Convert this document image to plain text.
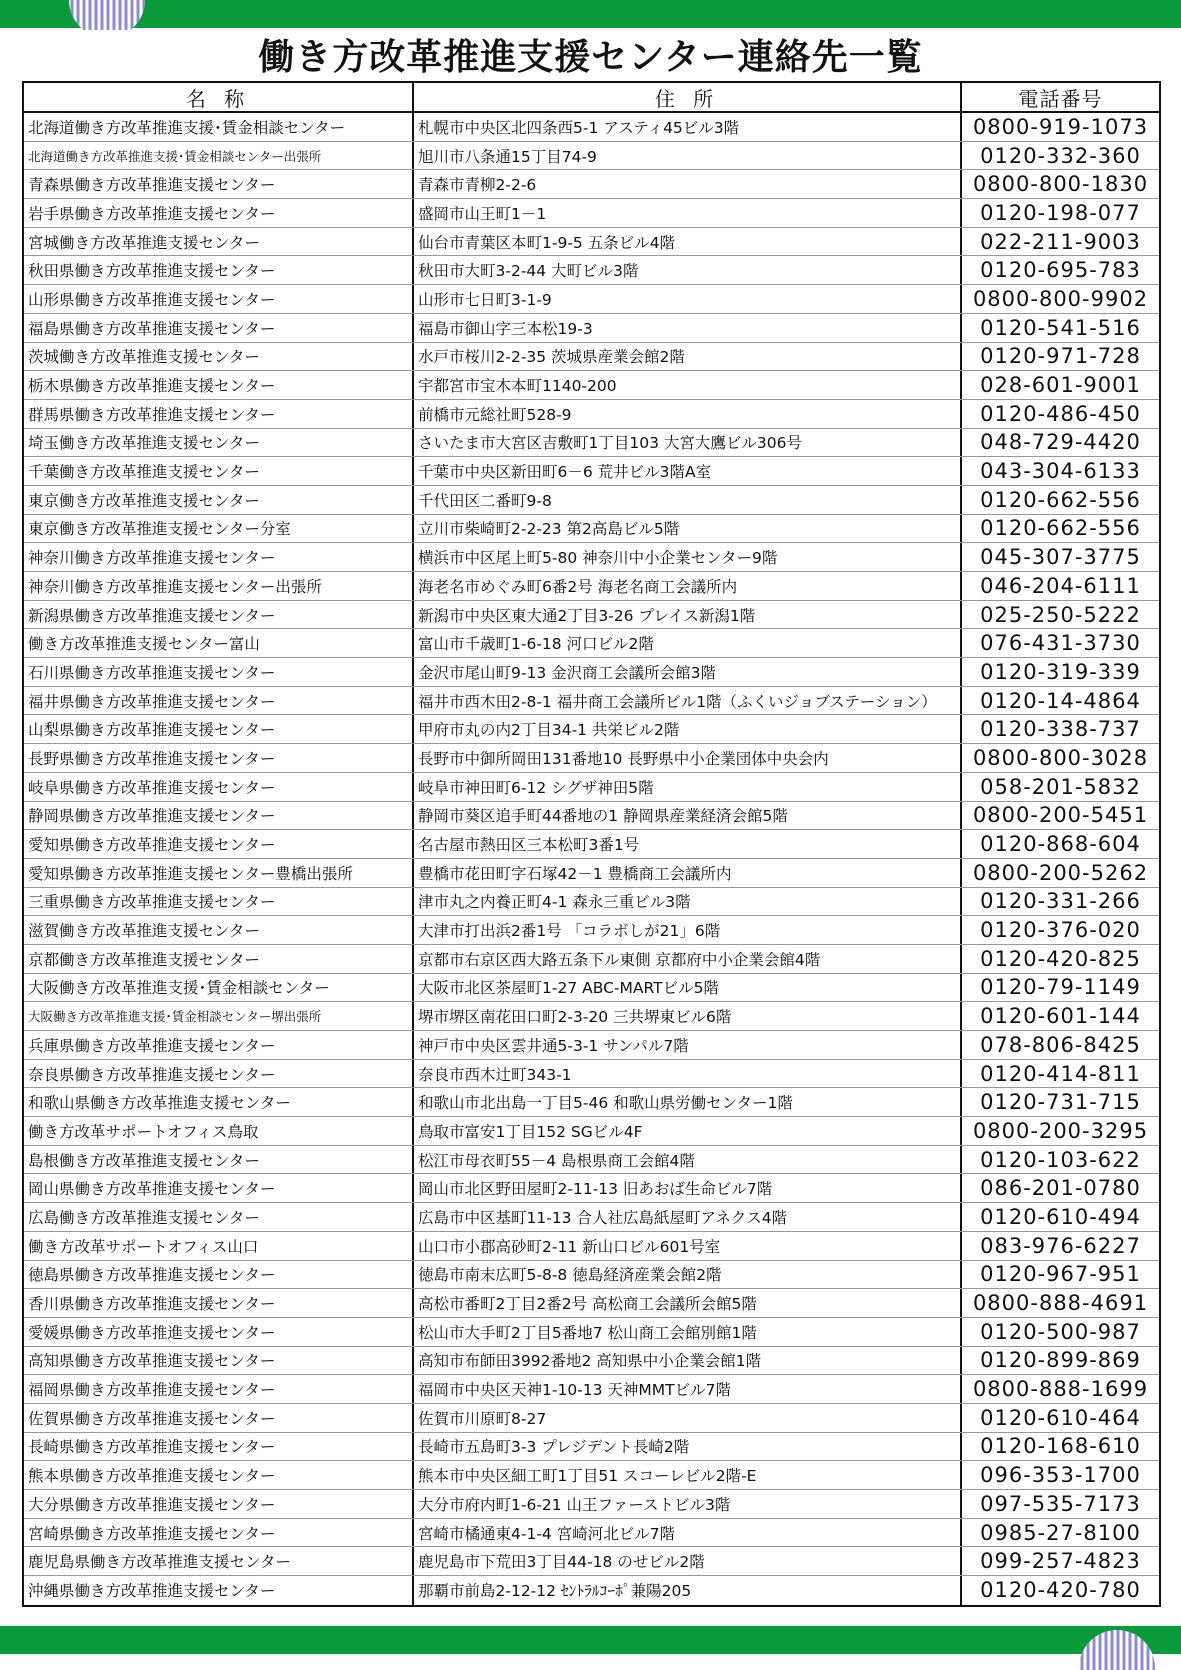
働き方改革推進支援センター連絡先一覧
名 称	住 所	電話番号
北海道働き方改革推進支援･賃金相談センター	札幌市中央区北四条西5-1 アスティ45ビル3階	0800-919-1073
北海道働き方改革推進支援･賃金相談センター出張所	旭川市八条通15丁目74-9	0120-332-360
青森県働き方改革推進支援センター	青森市青柳2-2-6	0800-800-1830
岩手県働き方改革推進支援センター	盛岡市山王町1－1	0120-198-077
宮城働き方改革推進支援センター	仙台市青葉区本町1-9-5 五条ビル4階	022-211-9003
秋田県働き方改革推進支援センター	秋田市大町3-2-44 大町ビル3階	0120-695-783
山形県働き方改革推進支援センター	山形市七日町3-1-9	0800-800-9902
福島県働き方改革推進支援センター	福島市御山字三本松19-3	0120-541-516
茨城働き方改革推進支援センター	水戸市桜川2-2-35 茨城県産業会館2階	0120-971-728
栃木県働き方改革推進支援センター	宇都宮市宝木本町1140-200	028-601-9001
群馬県働き方改革推進支援センター	前橋市元総社町528-9	0120-486-450
埼玉働き方改革推進支援センター	さいたま市大宮区吉敷町1丁目103 大宮大鷹ビル306号	048-729-4420
千葉働き方改革推進支援センター	千葉市中央区新田町6－6 荒井ビル3階A室	043-304-6133
東京働き方改革推進支援センター	千代田区二番町9-8	0120-662-556
東京働き方改革推進支援センター分室	立川市柴崎町2-2-23 第2高島ビル5階	0120-662-556
神奈川働き方改革推進支援センター	横浜市中区尾上町5-80 神奈川中小企業センター9階	045-307-3775
神奈川働き方改革推進支援センター出張所	海老名市めぐみ町6番2号 海老名商工会議所内	046-204-6111
新潟県働き方改革推進支援センター	新潟市中央区東大通2丁目3-26 プレイス新潟1階	025-250-5222
働き方改革推進支援センター富山	富山市千歳町1-6-18 河口ビル2階	076-431-3730
石川県働き方改革推進支援センター	金沢市尾山町9-13 金沢商工会議所会館3階	0120-319-339
福井県働き方改革推進支援センター	福井市西木田2-8-1 福井商工会議所ビル1階（ふくいジョブステーション）	0120-14-4864
山梨県働き方改革推進支援センター	甲府市丸の内2丁目34-1 共栄ビル2階	0120-338-737
長野県働き方改革推進支援センター	長野市中御所岡田131番地10 長野県中小企業団体中央会内	0800-800-3028
岐阜県働き方改革推進支援センター	岐阜市神田町6-12 シグザ神田5階	058-201-5832
静岡県働き方改革推進支援センター	静岡市葵区追手町44番地の1 静岡県産業経済会館5階	0800-200-5451
愛知県働き方改革推進支援センター	名古屋市熱田区三本松町3番1号	0120-868-604
愛知県働き方改革推進支援センター豊橋出張所	豊橋市花田町字石塚42－1 豊橋商工会議所内	0800-200-5262
三重県働き方改革推進支援センター	津市丸之内養正町4-1 森永三重ビル3階	0120-331-266
滋賀働き方改革推進支援センター	大津市打出浜2番1号 「コラボしが21」6階	0120-376-020
京都働き方改革推進支援センター	京都市右京区西大路五条下ル東側 京都府中小企業会館4階	0120-420-825
大阪働き方改革推進支援･賃金相談センター	大阪市北区茶屋町1-27 ABC-MARTビル5階	0120-79-1149
大阪働き方改革推進支援･賃金相談センター堺出張所	堺市堺区南花田口町2-3-20 三共堺東ビル6階	0120-601-144
兵庫県働き方改革推進支援センター	神戸市中央区雲井通5-3-1 サンパル7階	078-806-8425
奈良県働き方改革推進支援センター	奈良市西木辻町343-1	0120-414-811
和歌山県働き方改革推進支援センター	和歌山市北出島一丁目5-46 和歌山県労働センター1階	0120-731-715
働き方改革サポートオフィス鳥取	鳥取市富安1丁目152 SGビル4F	0800-200-3295
島根働き方改革推進支援センター	松江市母衣町55－4 島根県商工会館4階	0120-103-622
岡山県働き方改革推進支援センター	岡山市北区野田屋町2-11-13 旧あおば生命ビル7階	086-201-0780
広島働き方改革推進支援センター	広島市中区基町11-13 合人社広島紙屋町アネクス4階	0120-610-494
働き方改革サポートオフィス山口	山口市小郡高砂町2-11 新山口ビル601号室	083-976-6227
徳島県働き方改革推進支援センター	徳島市南末広町5-8-8 徳島経済産業会館2階	0120-967-951
香川県働き方改革推進支援センター	高松市番町2丁目2番2号 高松商工会議所会館5階	0800-888-4691
愛媛県働き方改革推進支援センター	松山市大手町2丁目5番地7 松山商工会館別館1階	0120-500-987
高知県働き方改革推進支援センター	高知市布師田3992番地2 高知県中小企業会館1階	0120-899-869
福岡県働き方改革推進支援センター	福岡市中央区天神1-10-13 天神MMTビル7階	0800-888-1699
佐賀県働き方改革推進支援センター	佐賀市川原町8-27	0120-610-464
長崎県働き方改革推進支援センター	長崎市五島町3-3 プレジデント長崎2階	0120-168-610
熊本県働き方改革推進支援センター	熊本市中央区細工町1丁目51 スコーレビル2階-E	096-353-1700
大分県働き方改革推進支援センター	大分市府内町1-6-21 山王ファーストビル3階	097-535-7173
宮崎県働き方改革推進支援センター	宮崎市橘通東4-1-4 宮崎河北ビル7階	0985-27-8100
鹿児島県働き方改革推進支援センター	鹿児島市下荒田3丁目44-18 のせビル2階	099-257-4823
沖縄県働き方改革推進支援センター	那覇市前島2-12-12 ｾﾝﾄﾗﾙｺｰﾎﾟ兼陽205	0120-420-780
